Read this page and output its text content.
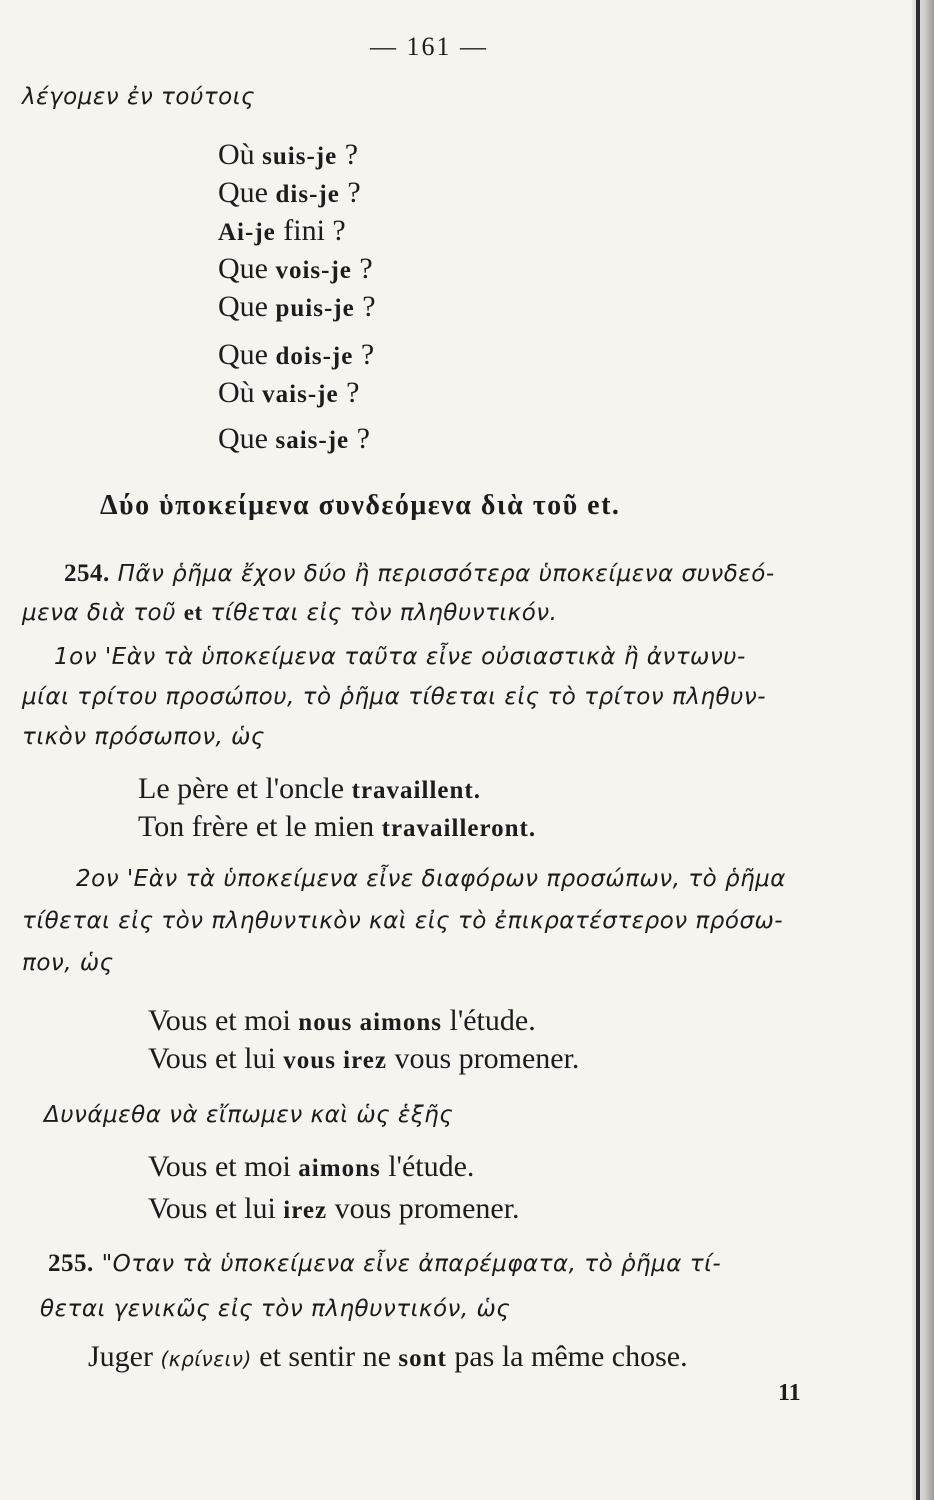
— 161 —
λέγομεν ἐν τούτοις
Où suis-je ?
Que dis-je ?
Ai-je fini ?
Que vois-je ?
Que puis-je ?
Que dois-je ?
Où vais-je ?
Que sais-je ?
Δύο ὑποκείμενα συνδεόμενα διὰ τοῦ et.
254. Πᾶν ῥῆμα ἔχον δύο ἢ περισσότερα ὑποκείμενα συνδεό-
μενα διὰ τοῦ et τίθεται εἰς τὸν πληθυντικόν.
1ον 'Εὰν τὰ ὑποκείμενα ταῦτα εἶνε οὐσιαστικὰ ἢ ἀντωνυ-
μίαι τρίτου προσώπου, τὸ ῥῆμα τίθεται εἰς τὸ τρίτον πληθυν-
τικὸν πρόσωπον, ὡς
Le père et l'oncle travaillent.
Ton frère et le mien travailleront.
2ον 'Εὰν τὰ ὑποκείμενα εἶνε διαφόρων προσώπων, τὸ ῥῆμα
τίθεται εἰς τὸν πληθυντικὸν καὶ εἰς τὸ ἐπικρατέστερον πρόσω-
πον, ὡς
Vous et moi nous aimons l'étude.
Vous et lui vous irez vous promener.
Δυνάμεθα νὰ εἴπωμεν καὶ ὡς ἑξῆς
Vous et moi aimons l'étude.
Vous et lui irez vous promener.
255. "Οταν τὰ ὑποκείμενα εἶνε ἀπαρέμφατα, τὸ ῥῆμα τί-
θεται γενικῶς εἰς τὸν πληθυντικόν, ὡς
Juger (κρίνειν) et sentir ne sont pas la même chose.
11
